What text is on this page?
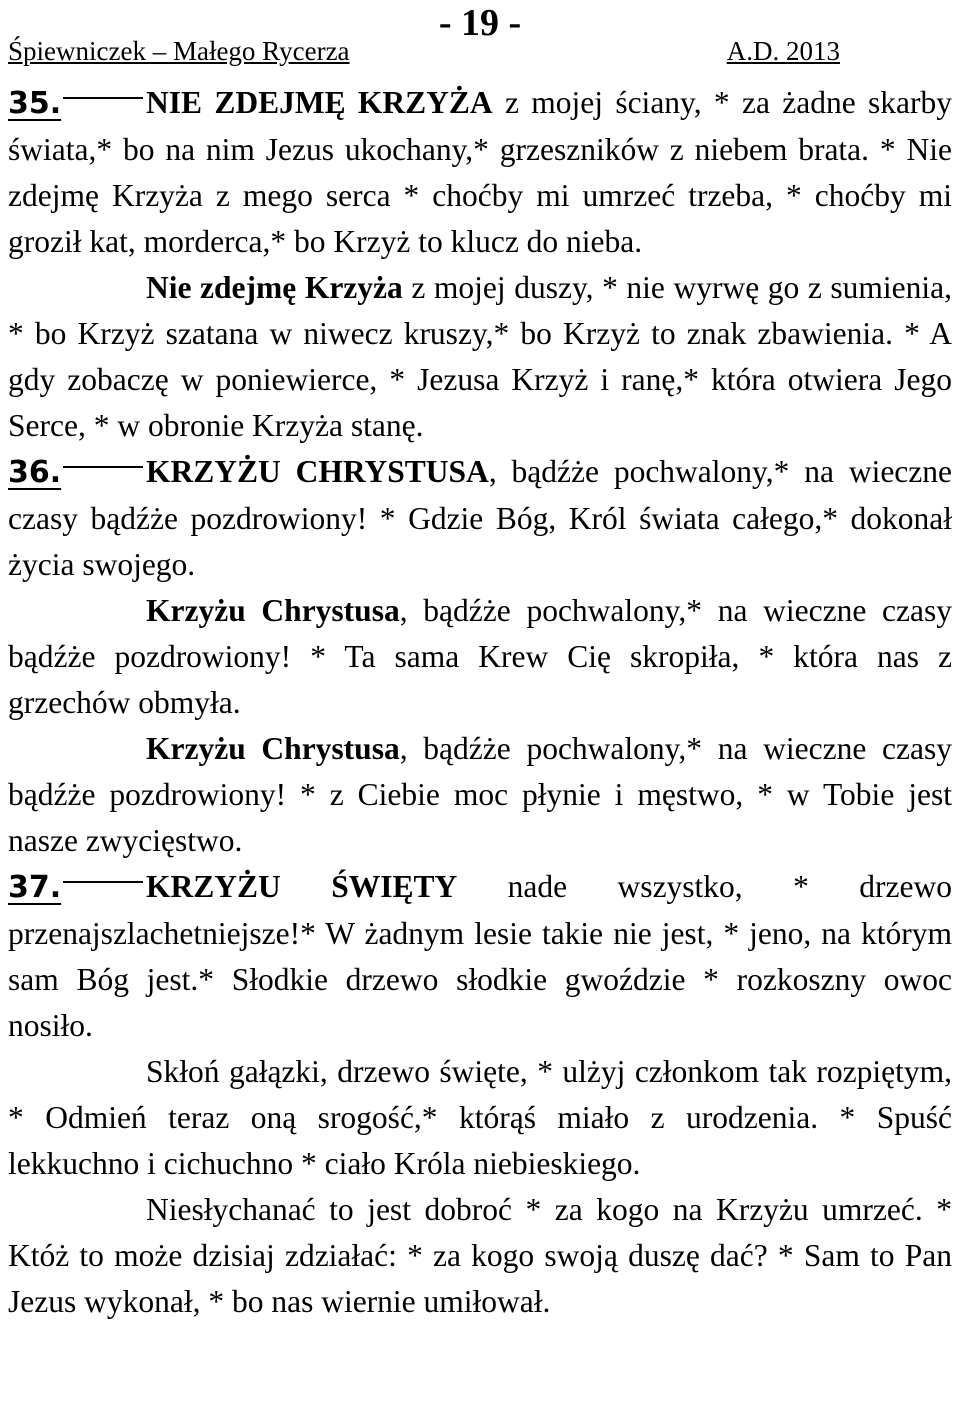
- 19 -
Śpiewniczek – Małego Rycerza	A.D. 2013

35.	NIE ZDEJMĘ KRZYŻA z mojej ściany, * za żadne skarby świata,* bo na nim Jezus ukochany,* grzeszników z niebem brata. * Nie zdejmę Krzyża z mego serca * choćby mi umrzeć trzeba, * choćby mi groził kat, morderca,* bo Krzyż to klucz do nieba.

Nie zdejmę Krzyża z mojej duszy, * nie wyrwę go z sumienia, * bo Krzyż szatana w niwecz kruszy,* bo Krzyż to znak zbawienia. * A gdy zobaczę w poniewierce, * Jezusa Krzyż i ranę,* która otwiera Jego Serce, * w obronie Krzyża stanę.

36.	KRZYŻU CHRYSTUSA, bądźże pochwalony,* na wieczne czasy bądźże pozdrowiony! * Gdzie Bóg, Król świata całego,* dokonał życia swojego.

Krzyżu Chrystusa, bądźże pochwalony,* na wieczne czasy bądźże pozdrowiony! * Ta sama Krew Cię skropiła, * która nas z grzechów obmyła.

Krzyżu Chrystusa, bądźże pochwalony,* na wieczne czasy bądźże pozdrowiony! * z Ciebie moc płynie i męstwo, * w Tobie jest nasze zwycięstwo.

37.	KRZYŻU ŚWIĘTY nade wszystko, * drzewo przenajszlachetniejsze!* W żadnym lesie takie nie jest, * jeno, na którym sam Bóg jest.* Słodkie drzewo słodkie gwoździe * rozkoszny owoc nosiło.

Skłoń gałązki, drzewo święte, * ulżyj członkom tak rozpiętym, * Odmień teraz oną srogość,* którąś miało z urodzenia. * Spuść lekkuchno i cichuchno * ciało Króla niebieskiego.

Niesłychanać to jest dobroć * za kogo na Krzyżu umrzeć. * Któż to może dzisiaj zdziałać: * za kogo swoją duszę dać? * Sam to Pan Jezus wykonał, * bo nas wiernie umiłował.
